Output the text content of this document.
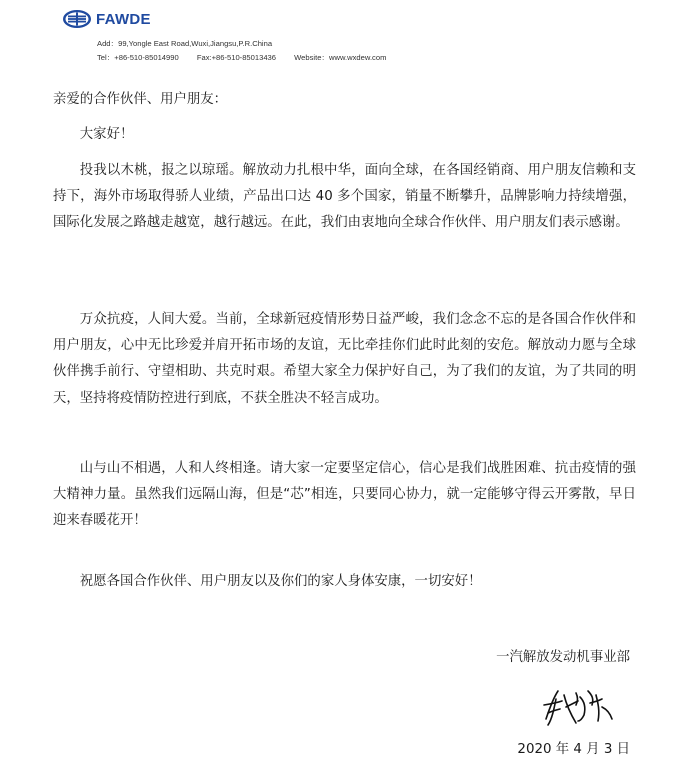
FAWDE
Add：99,Yongle East Road,Wuxi,Jiangsu,P.R.China
Tel：+86-510-85014990 Fax:+86-510-85013436 Website：www.wxdew.com

亲爱的合作伙伴、用户朋友：

大家好！

投我以木桃，报之以琼瑶。解放动力扎根中华，面向全球，在各国经销商、用户朋友信赖和支持下，海外市场取得骄人业绩，产品出口达 40 多个国家，销量不断攀升，品牌影响力持续增强，国际化发展之路越走越宽，越行越远。在此，我们由衷地向全球合作伙伴、用户朋友们表示感谢。

万众抗疫，人间大爱。当前，全球新冠疫情形势日益严峻，我们念念不忘的是各国合作伙伴和用户朋友，心中无比珍爱并肩开拓市场的友谊，无比牵挂你们此时此刻的安危。解放动力愿与全球伙伴携手前行、守望相助、共克时艰。希望大家全力保护好自己，为了我们的友谊，为了共同的明天，坚持将疫情防控进行到底，不获全胜决不轻言成功。

山与山不相遇，人和人终相逢。请大家一定要坚定信心，信心是我们战胜困难、抗击疫情的强大精神力量。虽然我们远隔山海，但是“芯”相连，只要同心协力，就一定能够守得云开雾散，早日迎来春暖花开！

祝愿各国合作伙伴、用户朋友以及你们的家人身体安康，一切安好！

一汽解放发动机事业部
2020 年 4 月 3 日
